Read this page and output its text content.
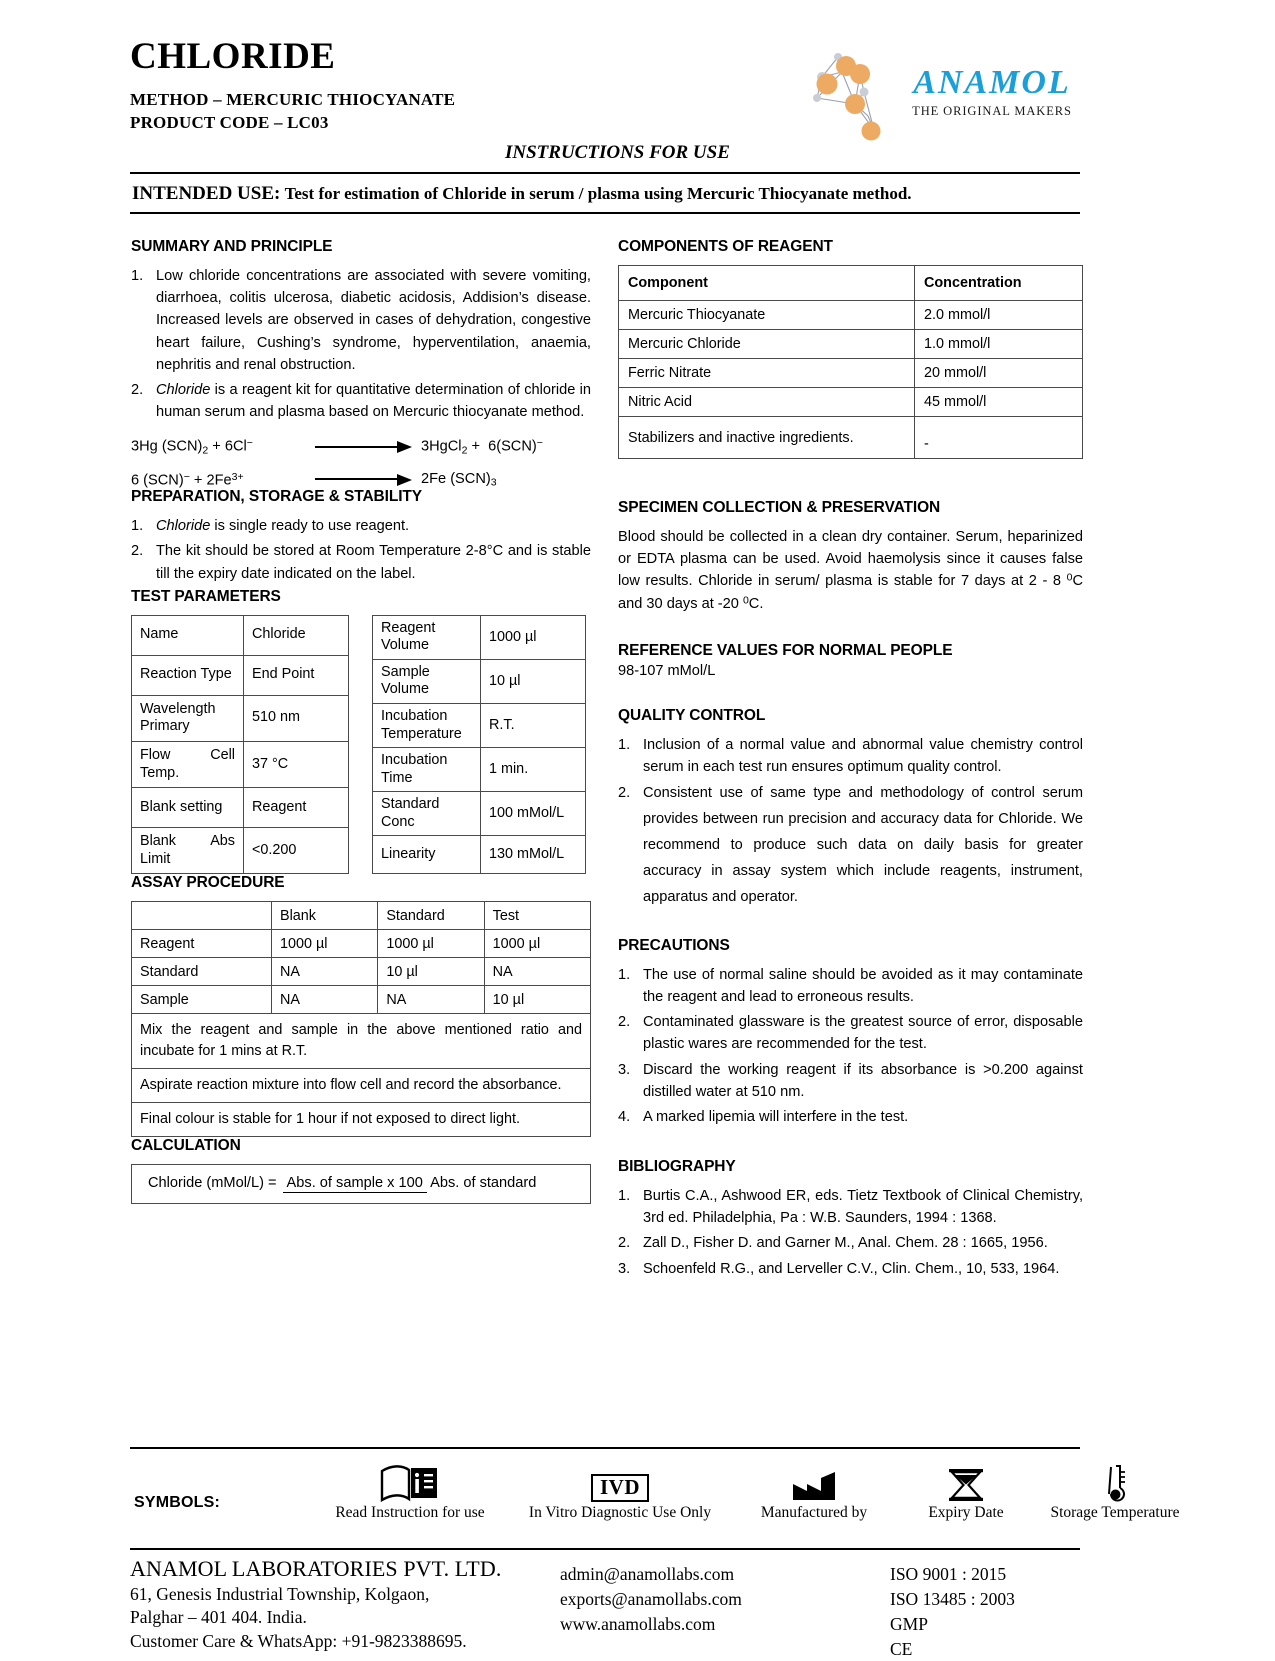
CHLORIDE
METHOD – MERCURIC THIOCYANATE
PRODUCT CODE – LC03
ANAMOL
THE ORIGINAL MAKERS
INSTRUCTIONS FOR USE
INTENDED USE: Test for estimation of Chloride in serum / plasma using Mercuric Thiocyanate method.
SUMMARY AND PRINCIPLE
1. Low chloride concentrations are associated with severe vomiting, diarrhoea, colitis ulcerosa, diabetic acidosis, Addision’s disease. Increased levels are observed in cases of dehydration, congestive heart failure, Cushing’s syndrome, hyperventilation, anaemia, nephritis and renal obstruction.
2. Chloride is a reagent kit for quantitative determination of chloride in human serum and plasma based on Mercuric thiocyanate method.
3Hg $(SCN)_2 + 6Cl^-$	3HgCl$_2$ +  6(SCN)−
6 $(SCN)^- + 2Fe^{3+}$	2Fe $(SCN)_3$
PREPARATION, STORAGE & STABILITY
1. Chloride is single ready to use reagent.
2. The kit should be stored at Room Temperature 2-8°C and is stable till the expiry date indicated on the label.
TEST PARAMETERS
Name	Chloride
Reaction Type	End Point
Wavelength Primary	510 nm
Flow Cell Temp.	37 °C
Blank setting	Reagent
Blank Abs Limit	<0.200
Reagent Volume	1000 µl
Sample Volume	10 µl
Incubation Temperature	R.T.
Incubation Time	1 min.
Standard Conc	100 mMol/L
Linearity	130 mMol/L
ASSAY PROCEDURE
	Blank	Standard	Test
Reagent	1000 µl	1000 µl	1000 µl
Standard	NA	10 µl	NA
Sample	NA	NA	10 µl
Mix the reagent and sample in the above mentioned ratio and incubate for 1 mins at R.T.			
Aspirate reaction mixture into flow cell and record the absorbance.			
Final colour is stable for 1 hour if not exposed to direct light.			
CALCULATION
Chloride (mMol/L) = Abs. of sample x 100 Abs. of standard
COMPONENTS OF REAGENT
Component	Concentration
Mercuric Thiocyanate	2.0 mmol/l
Mercuric Chloride	1.0 mmol/l
Ferric Nitrate	20 mmol/l
Nitric Acid	45 mmol/l
Stabilizers and inactive ingredients.	-
SPECIMEN COLLECTION & PRESERVATION
Blood should be collected in a clean dry container. Serum, heparinized or EDTA plasma can be used. Avoid haemolysis since it causes false low results. Chloride in serum/ plasma is stable for 7 days at 2 - 8 $^0$C and 30 days at -20 $^0$C.
REFERENCE VALUES FOR NORMAL PEOPLE
98-107 mMol/L
QUALITY CONTROL
1. Inclusion of a normal value and abnormal value chemistry control serum in each test run ensures optimum quality control.
2. Consistent use of same type and methodology of control serum provides between run precision and accuracy data for Chloride. We recommend to produce such data on daily basis for greater accuracy in assay system which include reagents, instrument, apparatus and operator.
PRECAUTIONS
1. The use of normal saline should be avoided as it may contaminate the reagent and lead to erroneous results.
2. Contaminated glassware is the greatest source of error, disposable plastic wares are recommended for the test.
3. Discard the working reagent if its absorbance is >0.200 against distilled water at 510 nm.
4. A marked lipemia will interfere in the test.
BIBLIOGRAPHY
1. Burtis C.A., Ashwood ER, eds. Tietz Textbook of Clinical Chemistry, 3rd ed. Philadelphia, Pa : W.B. Saunders, 1994 : 1368.
2. Zall D., Fisher D. and Garner M., Anal. Chem. 28 : 1665, 1956.
3. Schoenfeld R.G., and Lerveller C.V., Clin. Chem., 10, 533, 1964.
SYMBOLS:
Read Instruction for use
IVD
In Vitro Diagnostic Use Only	Manufactured by	Expiry Date	Storage Temperature
ANAMOL LABORATORIES PVT. LTD.
61, Genesis Industrial Township, Kolgaon,
Palghar – 401 404. India.
Customer Care & WhatsApp: +91-9823388695.
admin@anamollabs.com
exports@anamollabs.com
www.anamollabs.com
ISO 9001 : 2015
ISO 13485 : 2003
GMP
CE
